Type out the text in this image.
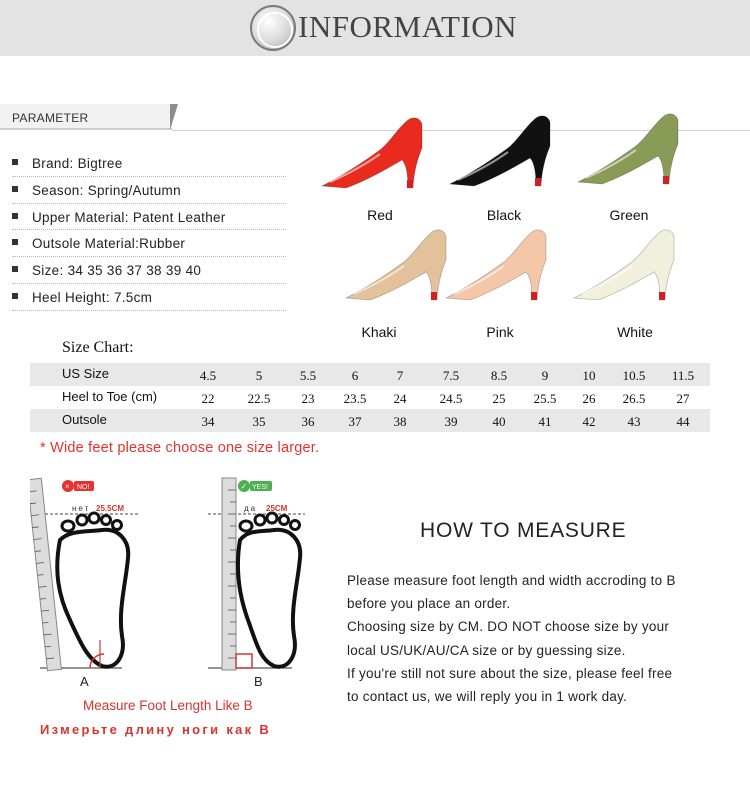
INFORMATION
PARAMETER
Brand: Bigtree
Season: Spring/Autumn
Upper Material: Patent Leather
Outsole Material:Rubber
Size: 34 35 36 37 38 39 40
Heel Height: 7.5cm
Red	Black	Green
Khaki	Pink	White
Size Chart:
US Size	4.5	5	5.5	6	7	7.5	8.5	9	10	10.5	11.5
Heel to Toe (cm)	22	22.5	23	23.5	24	24.5	25	25.5	26	26.5	27
Outsole	34	35	36	37	38	39	40	41	42	43	44
* Wide feet please choose one size larger.
× NO!
нет 25.5CM
A
✓ YES!
да 25CM
B
Measure Foot Length Like B
Измерьте длину ноги как В
HOW TO MEASURE
Please measure foot length and width accroding to B
before you place an order.
Choosing size by CM. DO NOT choose size by your
local US/UK/AU/CA size or by guessing size.
If you're still not sure about the size, please feel free
to contact us, we will reply you in 1 work day.
